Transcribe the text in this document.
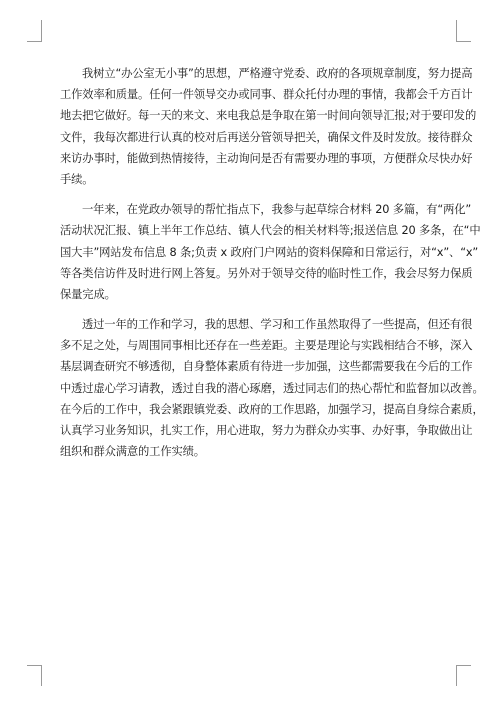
我树立“办公室无小事”的思想，严格遵守党委、政府的各项规章制度，努力提高
工作效率和质量。任何一件领导交办或同事、群众托付办理的事情，我都会千方百计
地去把它做好。每一天的来文、来电我总是争取在第一时间向领导汇报;对于要印发的
文件，我每次都进行认真的校对后再送分管领导把关，确保文件及时发放。接待群众
来访办事时，能做到热情接待，主动询问是否有需要办理的事项，方便群众尽快办好
手续。
一年来，在党政办领导的帮忙指点下，我参与起草综合材料 20 多篇，有“两化”
活动状况汇报、镇上半年工作总结、镇人代会的相关材料等;报送信息 20 多条，在“中
国大丰”网站发布信息 8 条;负责 x 政府门户网站的资料保障和日常运行，对“x”、“x”
等各类信访件及时进行网上答复。另外对于领导交待的临时性工作，我会尽努力保质
保量完成。
透过一年的工作和学习，我的思想、学习和工作虽然取得了一些提高，但还有很
多不足之处，与周围同事相比还存在一些差距。主要是理论与实践相结合不够，深入
基层调查研究不够透彻，自身整体素质有待进一步加强，这些都需要我在今后的工作
中透过虚心学习请教，透过自我的潜心琢磨，透过同志们的热心帮忙和监督加以改善。
在今后的工作中，我会紧跟镇党委、政府的工作思路，加强学习，提高自身综合素质，
认真学习业务知识，扎实工作，用心进取，努力为群众办实事、办好事，争取做出让
组织和群众满意的工作实绩。
